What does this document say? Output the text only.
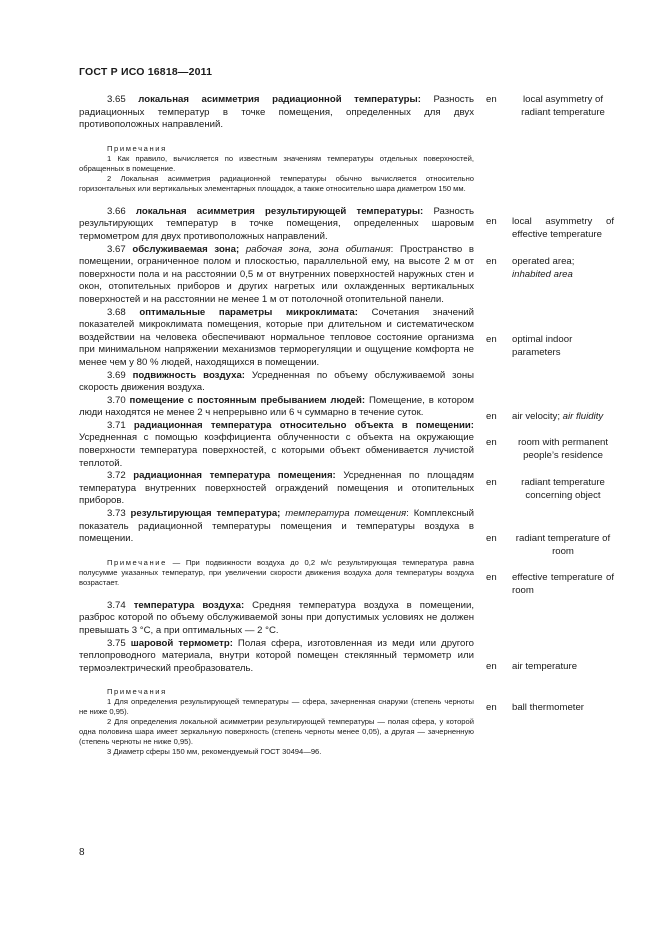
ГОСТ Р ИСО 16818—2011

3.65 локальная асимметрия радиационной температуры: Разность радиационных температур в точке помещения, определенных для двух противоположных направлений.

Примечания

1 Как правило, вычисляется по известным значениям температуры отдельных поверхностей, обращенных в помещение.

2 Локальная асимметрия радиационной температуры обычно вычисляется относительно горизонтальных или вертикальных элементарных площадок, а также относительно шара диаметром 150 мм.

3.66 локальная асимметрия результирующей температуры: Разность результирующих температур в точке помещения, определенных шаровым термометром для двух противоположных направлений.

3.67 обслуживаемая зона; рабочая зона, зона обитания: Пространство в помещении, ограниченное полом и плоскостью, параллельной ему, на высоте 2 м от поверхности пола и на расстоянии 0,5 м от внутренних поверхностей наружных стен и окон, отопительных приборов и других нагретых или охлажденных вертикальных поверхностей и на расстоянии не менее 1 м от потолочной отопительной панели.

3.68 оптимальные параметры микроклимата: Сочетания значений показателей микроклимата помещения, которые при длительном и систематическом воздействии на человека обеспечивают нормальное тепловое состояние организма при минимальном напряжении механизмов терморегуляции и ощущение комфорта не менее чем у 80 % людей, находящихся в помещении.

3.69 подвижность воздуха: Усредненная по объему обслуживаемой зоны скорость движения воздуха.

3.70 помещение с постоянным пребыванием людей: Помещение, в котором люди находятся не менее 2 ч непрерывно или 6 ч суммарно в течение суток.

3.71 радиационная температура относительно объекта в помещении: Усредненная с помощью коэффициента облученности с объекта на окружающие поверхности температура поверхностей, с которыми объект обменивается лучистой теплотой.

3.72 радиационная температура помещения: Усредненная по площадям температура внутренних поверхностей ограждений помещения и отопительных приборов.

3.73 результирующая температура; температура помещения: Комплексный показатель радиационной температуры помещения и температуры воздуха в помещении.

Примечание — При подвижности воздуха до 0,2 м/с результирующая температура равна полусумме указанных температур, при увеличении скорости движения воздуха доля температуры воздуха возрастает.

3.74 температура воздуха: Средняя температура воздуха в помещении, разброс которой по объему обслуживаемой зоны при допустимых условиях не должен превышать 3 °С, а при оптимальных — 2 °С.

3.75 шаровой термометр: Полая сфера, изготовленная из меди или другого теплопроводного материала, внутри которой помещен стеклянный термометр или термоэлектрический преобразователь.

Примечания

1 Для определения результирующей температуры — сфера, зачерненная снаружи (степень черноты не ниже 0,95).

2 Для определения локальной асимметрии результирующей температуры — полая сфера, у которой одна половина шара имеет зеркальную поверхность (степень черноты менее 0,05), а другая — зачерненную (степень черноты не ниже 0,95).

3 Диаметр сферы 150 мм, рекомендуемый ГОСТ 30494—96.

en	local asymmetry of radiant temperature
en local asymmetry of effective temperature
en operated area; inhabited area
en optimal indoor parameters
en air velocity; air fluidity
en	room with permanent people’s residence
en	radiant temperature concerning object
en	radiant temperature of room
en effective temperature of room
en air temperature
en ball thermometer
8
